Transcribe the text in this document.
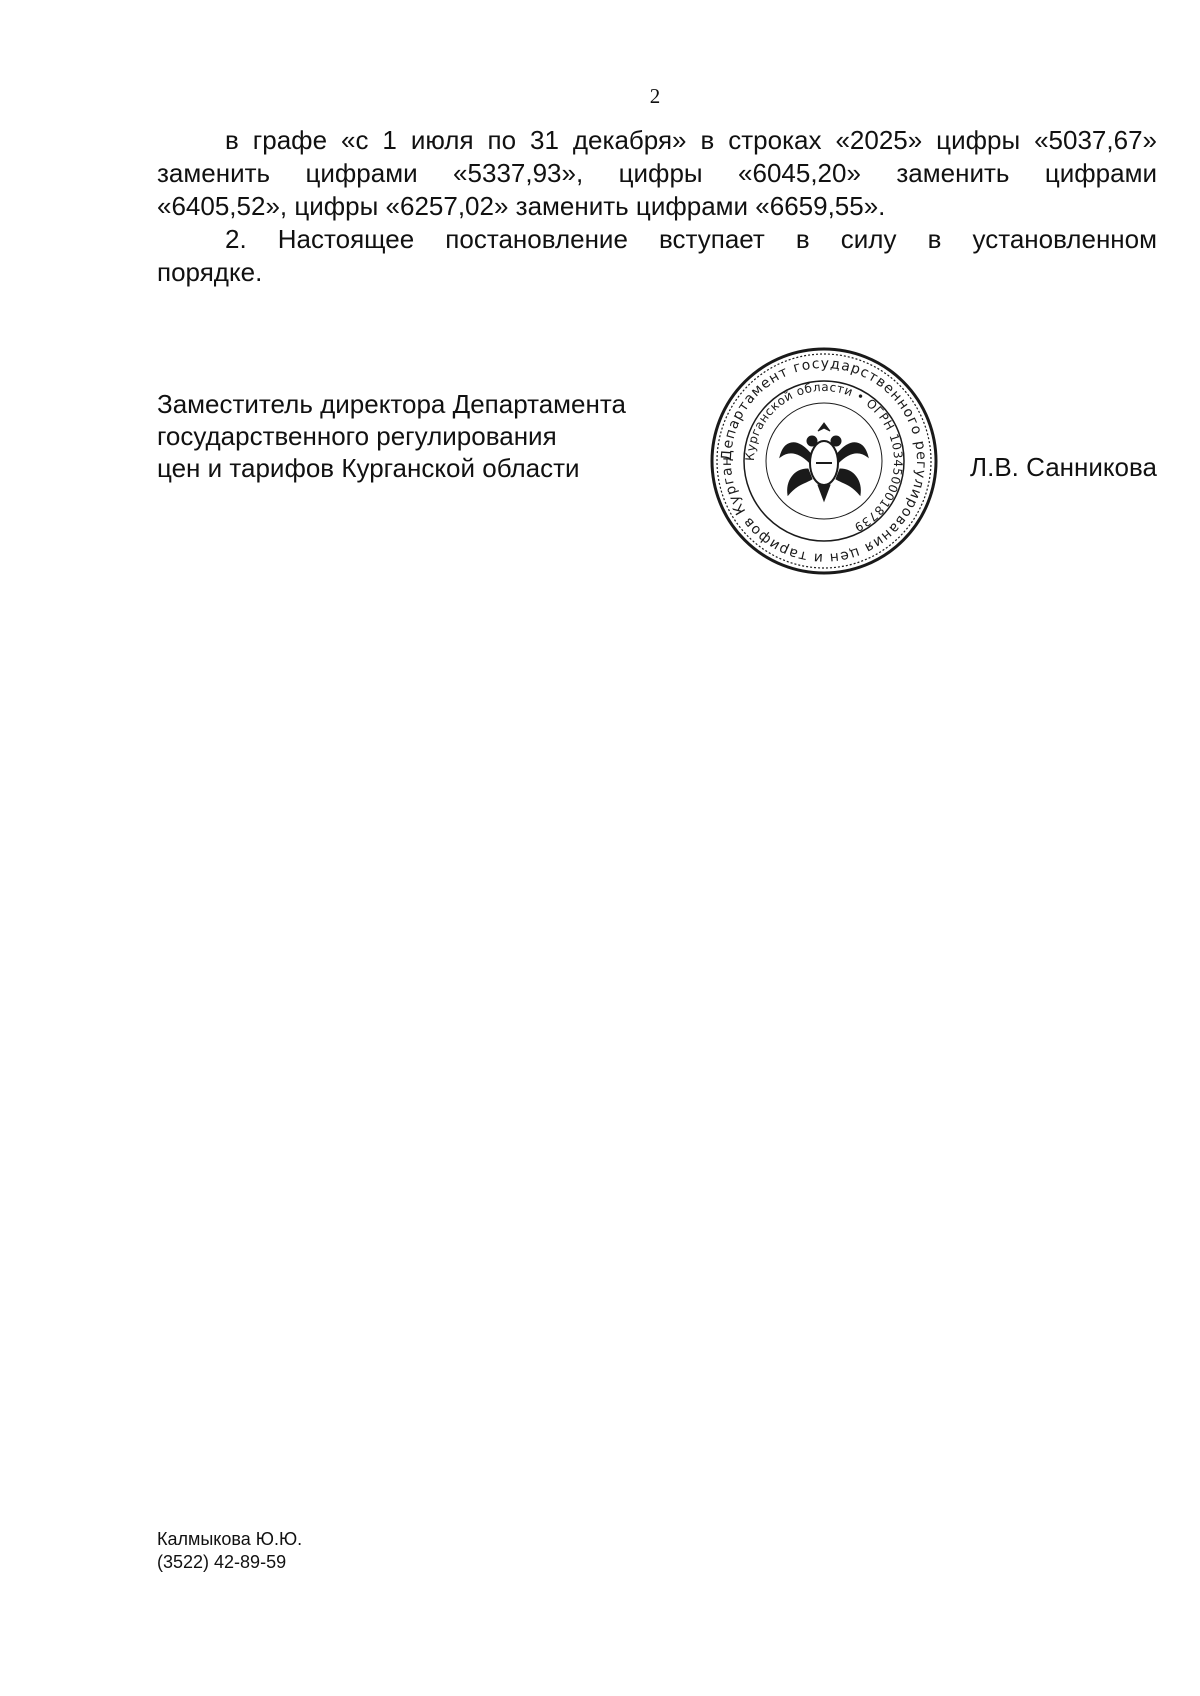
2

в графе «с 1 июля по 31 декабря» в строках «2025» цифры «5037,67»
заменить цифрами «5337,93», цифры «6045,20» заменить цифрами
«6405,52», цифры «6257,02» заменить цифрами «6659,55».

2. Настоящее постановление вступает в силу в установленном
порядке.

Заместитель директора Департамента
государственного регулирования
цен и тарифов Курганской области	Департамент государственного регулирования цен и тарифов Курган Курганской области • ОГРН 1034500018739
Л.В. Санникова
Калмыкова Ю.Ю.
(3522) 42-89-59
